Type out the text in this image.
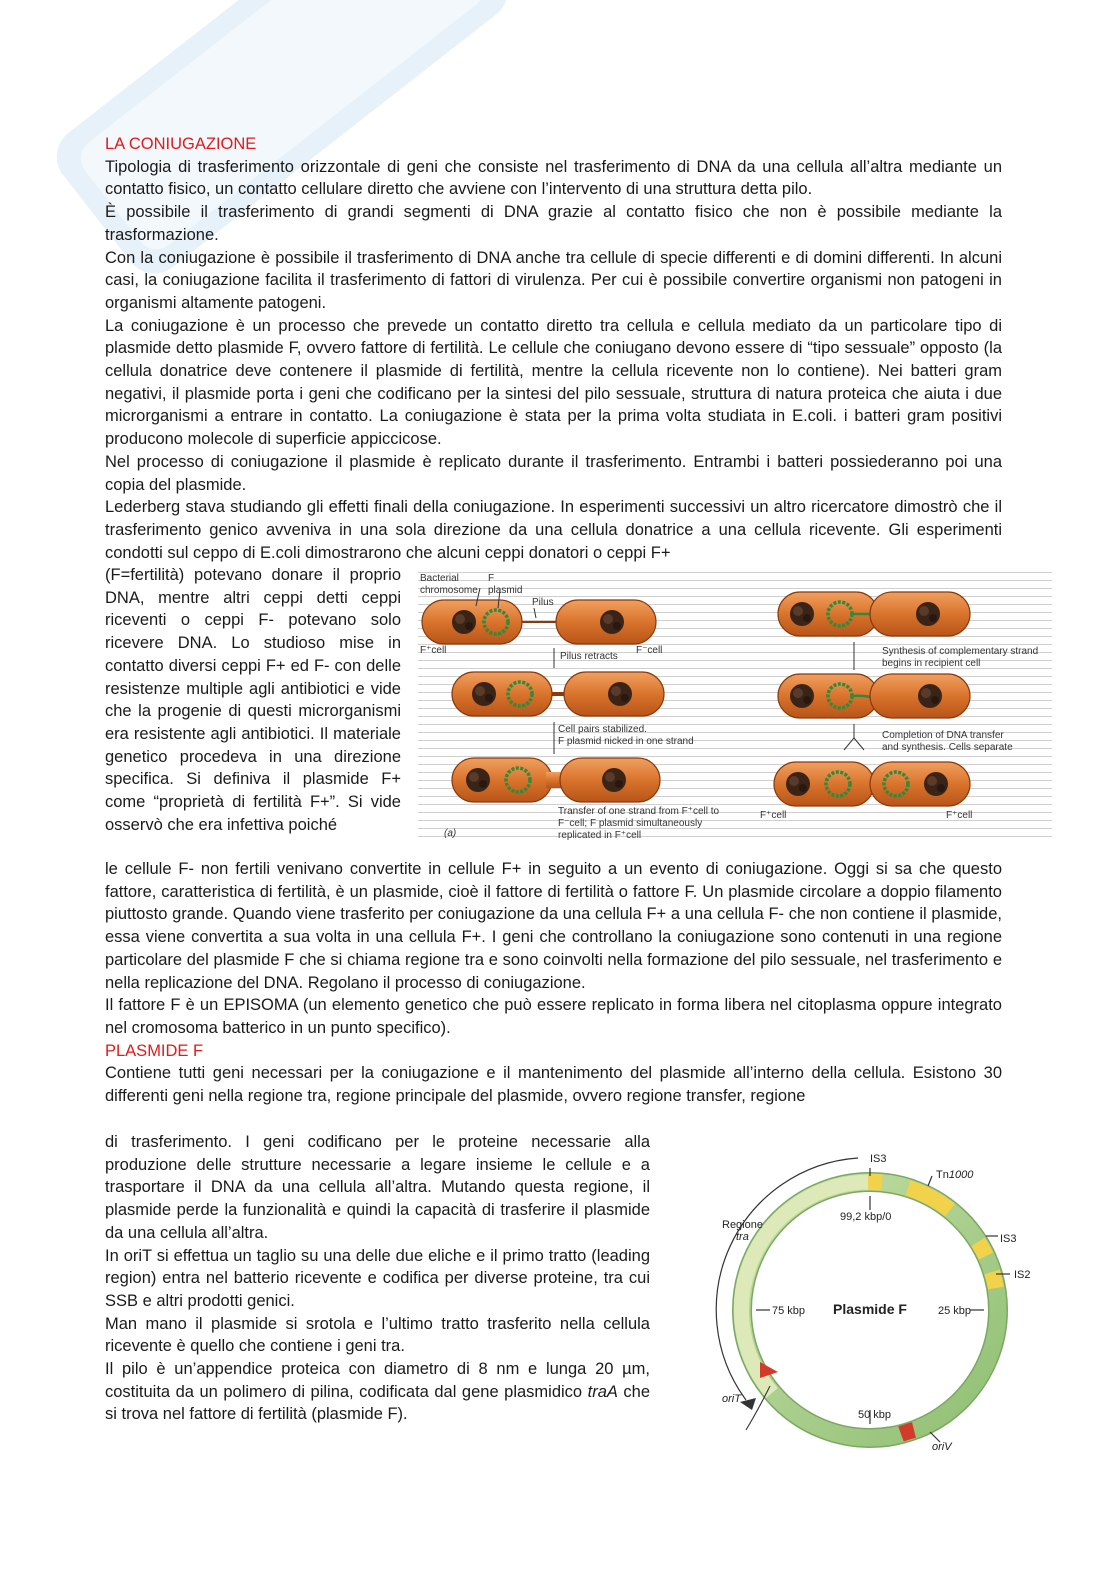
LA CONIUGAZIONE

Tipologia di trasferimento orizzontale di geni che consiste nel trasferimento di DNA da una cellula all’altra mediante un contatto fisico, un contatto cellulare diretto che avviene con l’intervento di una struttura detta pilo.

È possibile il trasferimento di grandi segmenti di DNA grazie al contatto fisico che non è possibile mediante la trasformazione.

Con la coniugazione è possibile il trasferimento di DNA anche tra cellule di specie differenti e di domini differenti. In alcuni casi, la coniugazione facilita il trasferimento di fattori di virulenza. Per cui è possibile convertire organismi non patogeni in organismi altamente patogeni.

La coniugazione è un processo che prevede un contatto diretto tra cellula e cellula mediato da un particolare tipo di plasmide detto plasmide F, ovvero fattore di fertilità. Le cellule che coniugano devono essere di “tipo sessuale” opposto (la cellula donatrice deve contenere il plasmide di fertilità, mentre la cellula ricevente non lo contiene). Nei batteri gram negativi, il plasmide porta i geni che codificano per la sintesi del pilo sessuale, struttura di natura proteica che aiuta i due microrganismi a entrare in contatto. La coniugazione è stata per la prima volta studiata in E.coli. i batteri gram positivi producono molecole di superficie appiccicose.

Nel processo di coniugazione il plasmide è replicato durante il trasferimento. Entrambi i batteri possiederanno poi una copia del plasmide.

Lederberg stava studiando gli effetti finali della coniugazione. In esperimenti successivi un altro ricercatore dimostrò che il trasferimento genico avveniva in una sola direzione da una cellula donatrice a una cellula ricevente. Gli esperimenti condotti sul ceppo di E.coli dimostrarono che alcuni ceppi donatori o ceppi F+

(F=fertilità) potevano donare il proprio DNA, mentre altri ceppi detti ceppi riceventi o ceppi F- potevano solo ricevere DNA. Lo studioso mise in contatto diversi ceppi F+ ed F- con delle resistenze multiple agli antibiotici e vide che la progenie di questi microrganismi era resistente agli antibiotici. Il materiale genetico procedeva in una direzione specifica. Si definiva il plasmide F+ come “proprietà di fertilità F+”. Si vide osservò che era infettiva poiché

Bacterial
chromosome
F
plasmid
Pilus
F⁺cell	F⁻cell
Pilus retracts	Synthesis of complementary strand
begins in recipient cell
Cell pairs stabilized.
F plasmid nicked in one strand
Completion of DNA transfer
and synthesis. Cells separate
Transfer of one strand from F⁺cell to
F⁻cell; F plasmid simultaneously
replicated in F⁺cell
F⁺cell	F⁺cell
(a)

le cellule F- non fertili venivano convertite in cellule F+ in seguito a un evento di coniugazione. Oggi si sa che questo fattore, caratteristica di fertilità, è un plasmide, cioè il fattore di fertilità o fattore F. Un plasmide circolare a doppio filamento piuttosto grande. Quando viene trasferito per coniugazione da una cellula F+ a una cellula F- che non contiene il plasmide, essa viene convertita a sua volta in una cellula F+. I geni che controllano la coniugazione sono contenuti in una regione particolare del plasmide F che si chiama regione tra e sono coinvolti nella formazione del pilo sessuale, nel trasferimento e nella replicazione del DNA. Regolano il processo di coniugazione.

Il fattore F è un EPISOMA (un elemento genetico che può essere replicato in forma libera nel citoplasma oppure integrato nel cromosoma batterico in un punto specifico).

PLASMIDE F

Contiene tutti geni necessari per la coniugazione e il mantenimento del plasmide all’interno della cellula. Esistono 30 differenti geni nella regione tra, regione principale del plasmide, ovvero regione transfer, regione

di trasferimento. I geni codificano per le proteine necessarie alla produzione delle strutture necessarie a legare insieme le cellule e a trasportare il DNA da una cellula all’altra. Mutando questa regione, il plasmide perde la funzionalità e quindi la capacità di trasferire il plasmide da una cellula all’altra.

In oriT si effettua un taglio su una delle due eliche e il primo tratto (leading region) entra nel batterio ricevente e codifica per diverse proteine, tra cui SSB e altri prodotti genici.

Man mano il plasmide si srotola e l’ultimo tratto trasferito nella cellula ricevente è quello che contiene i geni tra.

Il pilo è un’appendice proteica con diametro di 8 nm e lunga 20 µm, costituita da un polimero di pilina, codificata dal gene plasmidico traA che si trova nel fattore di fertilità (plasmide F).

IS3
Tn1000
IS3
IS2
Regione
tra
99,2 kbp/0
75 kbp	25 kbp
50 kbp
oriT
oriV
Plasmide F
